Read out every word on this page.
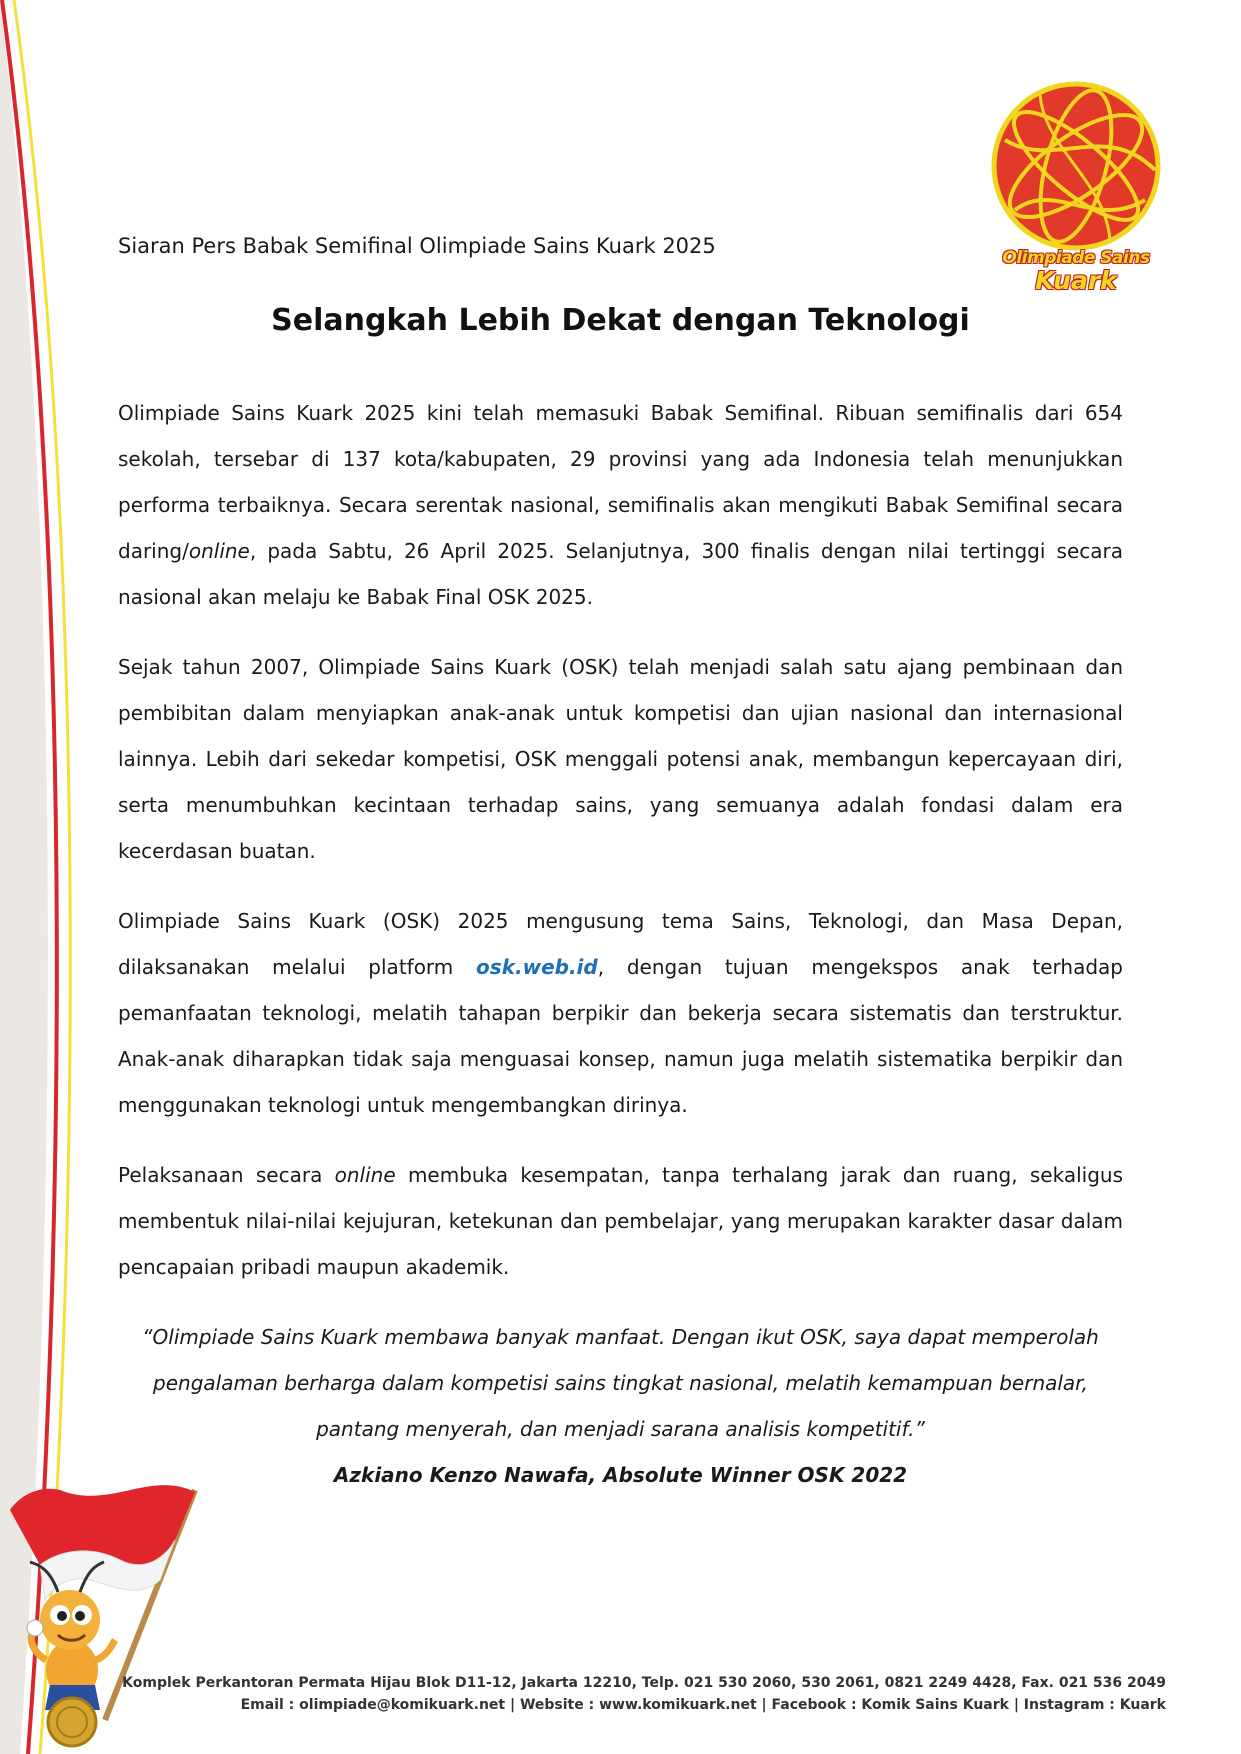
Olimpiade Sains
Kuark
Siaran Pers Babak Semifinal Olimpiade Sains Kuark 2025
Selangkah Lebih Dekat dengan Teknologi

Olimpiade Sains Kuark 2025 kini telah memasuki Babak Semifinal. Ribuan semifinalis dari 654 sekolah, tersebar di 137 kota/kabupaten, 29 provinsi yang ada Indonesia telah menunjukkan performa terbaiknya. Secara serentak nasional, semifinalis akan mengikuti Babak Semifinal secara daring/online, pada Sabtu, 26 April 2025. Selanjutnya, 300 finalis dengan nilai tertinggi secara nasional akan melaju ke Babak Final OSK 2025.

Sejak tahun 2007, Olimpiade Sains Kuark (OSK) telah menjadi salah satu ajang pembinaan dan pembibitan dalam menyiapkan anak-anak untuk kompetisi dan ujian nasional dan internasional lainnya. Lebih dari sekedar kompetisi, OSK menggali potensi anak, membangun kepercayaan diri, serta menumbuhkan kecintaan terhadap sains, yang semuanya adalah fondasi dalam era kecerdasan buatan.

Olimpiade Sains Kuark (OSK) 2025 mengusung tema Sains, Teknologi, dan Masa Depan, dilaksanakan melalui platform osk.web.id, dengan tujuan mengekspos anak terhadap pemanfaatan teknologi, melatih tahapan berpikir dan bekerja secara sistematis dan terstruktur. Anak-anak diharapkan tidak saja menguasai konsep, namun juga melatih sistematika berpikir dan menggunakan teknologi untuk mengembangkan dirinya.

Pelaksanaan secara online membuka kesempatan, tanpa terhalang jarak dan ruang, sekaligus membentuk nilai-nilai kejujuran, ketekunan dan pembelajar, yang merupakan karakter dasar dalam pencapaian pribadi maupun akademik.

“Olimpiade Sains Kuark membawa banyak manfaat. Dengan ikut OSK, saya dapat memperolah pengalaman berharga dalam kompetisi sains tingkat nasional, melatih kemampuan bernalar, pantang menyerah, dan menjadi sarana analisis kompetitif.”

Azkiano Kenzo Nawafa, Absolute Winner OSK 2022

Komplek Perkantoran Permata Hijau Blok D11-12, Jakarta 12210, Telp. 021 530 2060, 530 2061, 0821 2249 4428, Fax. 021 536 2049
Email : olimpiade@komikuark.net | Website : www.komikuark.net | Facebook : Komik Sains Kuark | Instagram : Kuark
